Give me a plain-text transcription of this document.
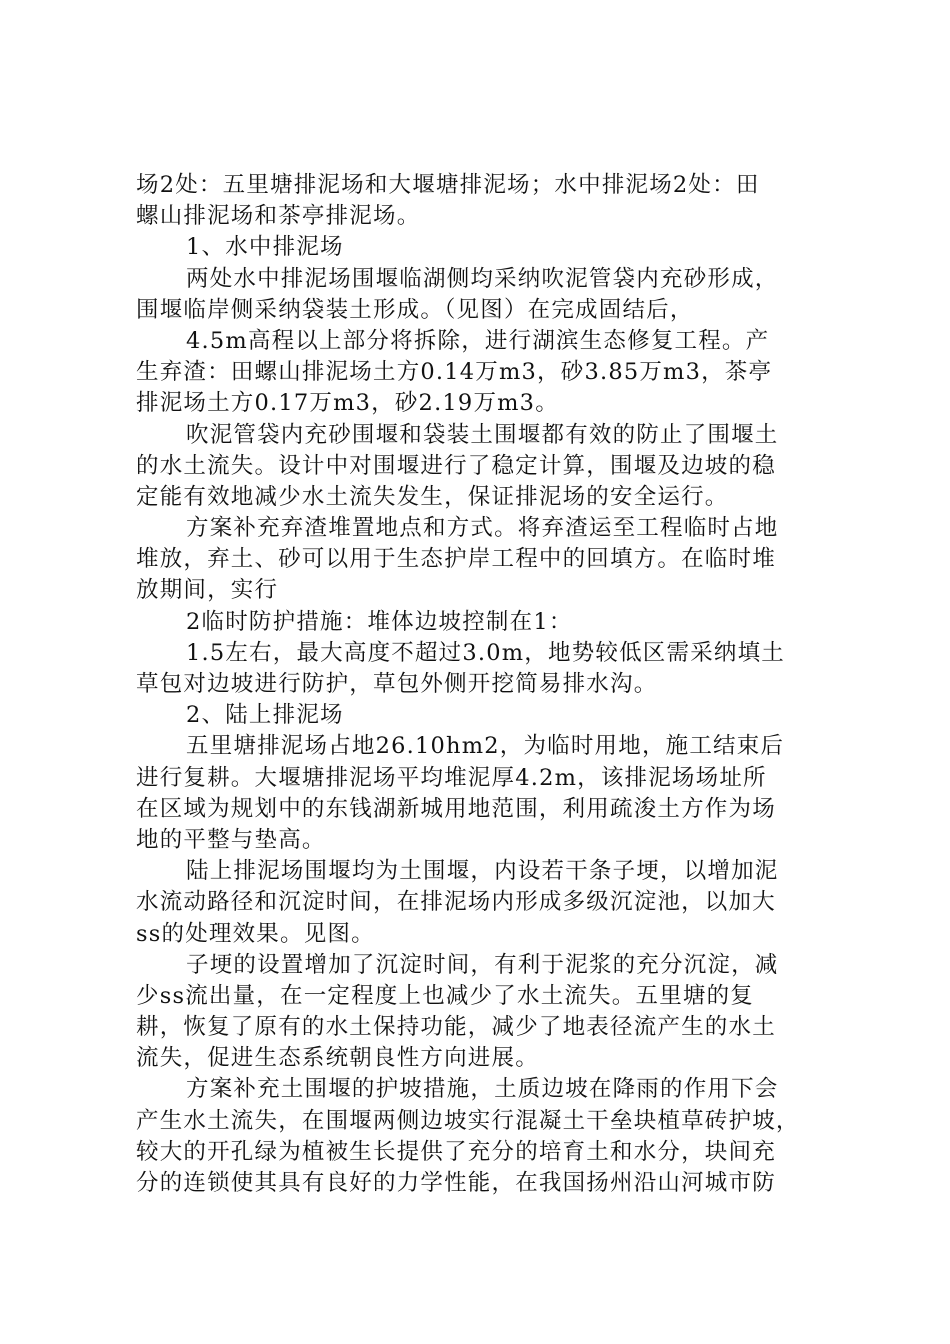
场2处：五里塘排泥场和大堰塘排泥场；水中排泥场2处：田
螺山排泥场和茶亭排泥场。
1、水中排泥场
两处水中排泥场围堰临湖侧均采纳吹泥管袋内充砂形成，
围堰临岸侧采纳袋装土形成。（见图）在完成固结后，
4.5m高程以上部分将拆除，进行湖滨生态修复工程。产
生弃渣：田螺山排泥场土方0.14万m3，砂3.85万m3，茶亭
排泥场土方0.17万m3，砂2.19万m3。
吹泥管袋内充砂围堰和袋装土围堰都有效的防止了围堰土
的水土流失。设计中对围堰进行了稳定计算，围堰及边坡的稳
定能有效地减少水土流失发生，保证排泥场的安全运行。
方案补充弃渣堆置地点和方式。将弃渣运至工程临时占地
堆放，弃土、砂可以用于生态护岸工程中的回填方。在临时堆
放期间，实行
2临时防护措施：堆体边坡控制在1：
1.5左右，最大高度不超过3.0m，地势较低区需采纳填土
草包对边坡进行防护，草包外侧开挖简易排水沟。
2、陆上排泥场
五里塘排泥场占地26.10hm2，为临时用地，施工结束后
进行复耕。大堰塘排泥场平均堆泥厚4.2m，该排泥场场址所
在区域为规划中的东钱湖新城用地范围，利用疏浚土方作为场
地的平整与垫高。
陆上排泥场围堰均为土围堰，内设若干条子埂，以增加泥
水流动路径和沉淀时间，在排泥场内形成多级沉淀池，以加大
ss的处理效果。见图。
子埂的设置增加了沉淀时间，有利于泥浆的充分沉淀，减
少ss流出量，在一定程度上也减少了水土流失。五里塘的复
耕，恢复了原有的水土保持功能，减少了地表径流产生的水土
流失，促进生态系统朝良性方向进展。
方案补充土围堰的护坡措施，土质边坡在降雨的作用下会
产生水土流失，在围堰两侧边坡实行混凝土干垒块植草砖护坡，
较大的开孔绿为植被生长提供了充分的培育土和水分，块间充
分的连锁使其具有良好的力学性能，在我国扬州沿山河城市防
